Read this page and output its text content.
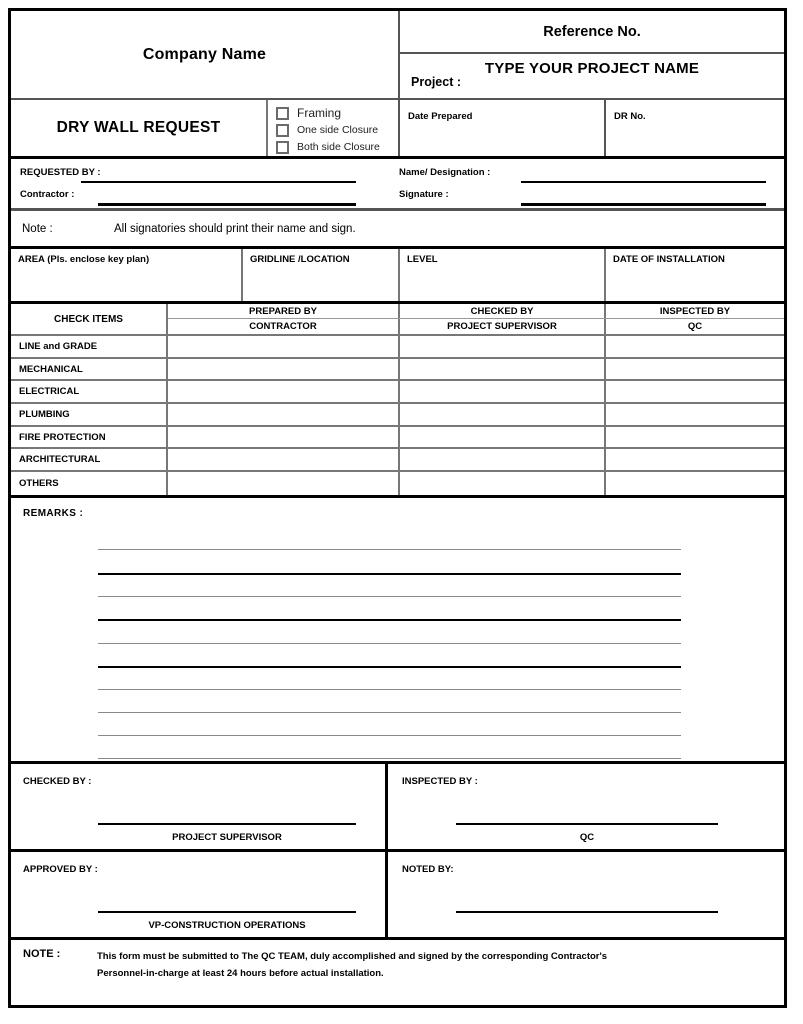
Company Name
Reference No.
Project :
TYPE YOUR PROJECT NAME
DRY WALL REQUEST
Framing
One side Closure
Both side Closure
Date Prepared	DR No.
REQUESTED BY :
Contractor :
Name/ Designation :
Signature :
Note :	All signatories should print their name and sign.
AREA (Pls. enclose key plan)	GRIDLINE /LOCATION	LEVEL	DATE OF INSTALLATION
CHECK ITEMS
PREPARED BY	CHECKED BY	INSPECTED BY
CONTRACTOR	PROJECT SUPERVISOR	QC
LINE and GRADE
MECHANICAL
ELECTRICAL
PLUMBING
FIRE PROTECTION
ARCHITECTURAL
OTHERS
REMARKS :
CHECKED BY :
PROJECT SUPERVISOR
INSPECTED BY :
QC
APPROVED BY :
VP-CONSTRUCTION OPERATIONS
NOTED BY:
NOTE :	This form must be submitted to The QC TEAM, duly accomplished and signed by the corresponding Contractor's
Personnel-in-charge at least 24 hours before actual installation.
